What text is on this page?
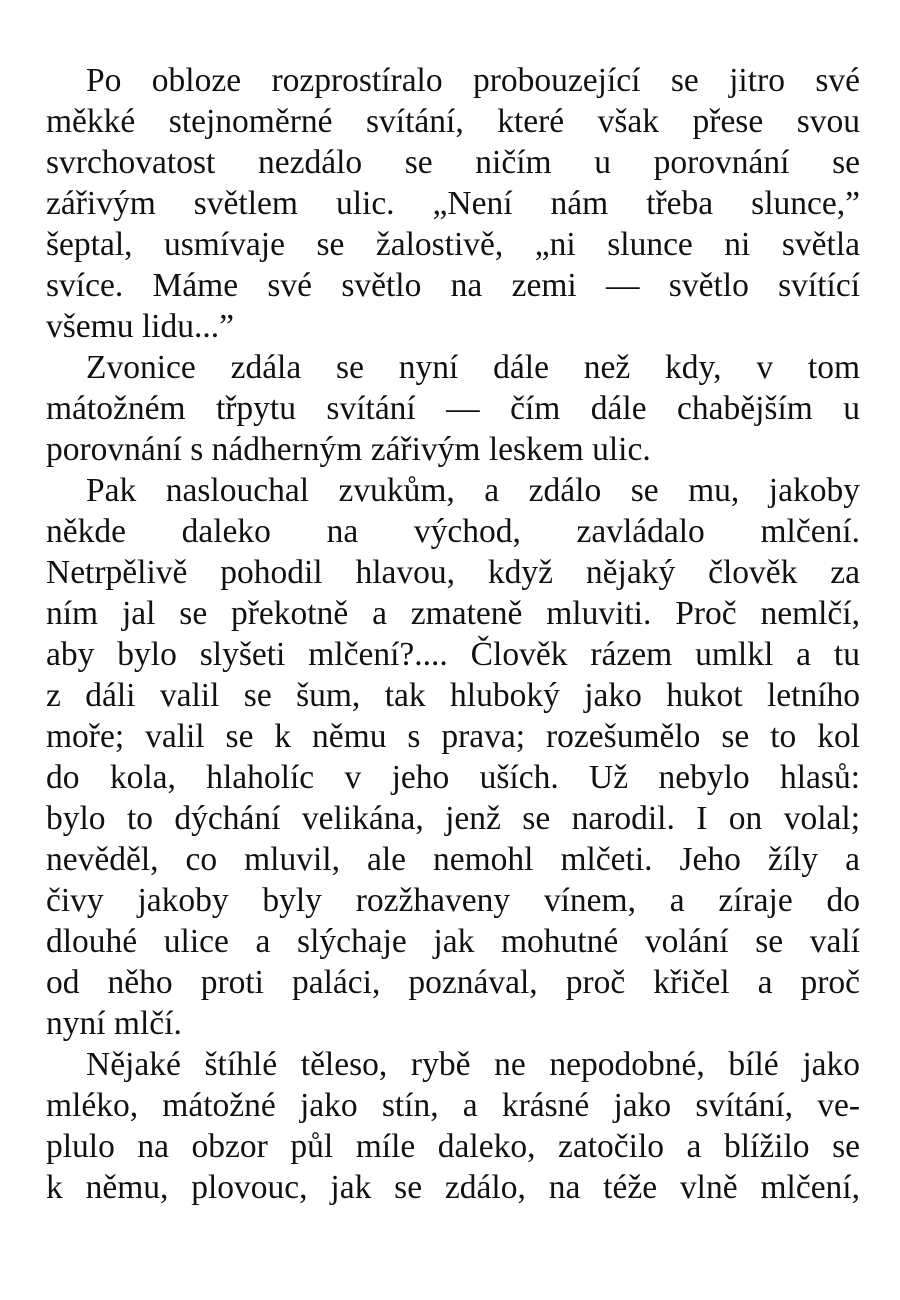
Po obloze rozprostíralo probouzející se jitro své
měkké stejnoměrné svítání, které však přese svou
svrchovatost nezdálo se ničím u porovnání se
zářivým světlem ulic. „Není nám třeba slunce,”
šeptal, usmívaje se žalostivě, „ni slunce ni světla
svíce. Máme své světlo na zemi — světlo svítící
všemu lidu...”
Zvonice zdála se nyní dále než kdy, v tom
mátožném třpytu svítání — čím dále chabějším u
porovnání s nádherným zářivým leskem ulic.
Pak naslouchal zvukům, a zdálo se mu, jakoby
někde daleko na východ, zavládalo mlčení.
Netrpělivě pohodil hlavou, když nějaký člověk za
ním jal se překotně a zmateně mluviti. Proč nemlčí,
aby bylo slyšeti mlčení?.... Člověk rázem umlkl a tu
z dáli valil se šum, tak hluboký jako hukot letního
moře; valil se k němu s prava; rozešumělo se to kol
do kola, hlaholíc v jeho uších. Už nebylo hlasů:
bylo to dýchání velikána, jenž se narodil. I on volal;
nevěděl, co mluvil, ale nemohl mlčeti. Jeho žíly a
čivy jakoby byly rozžhaveny vínem, a zíraje do
dlouhé ulice a slýchaje jak mohutné volání se valí
od něho proti paláci, poznával, proč křičel a proč
nyní mlčí.
Nějaké štíhlé těleso, rybě ne nepodobné, bílé jako
mléko, mátožné jako stín, a krásné jako svítání, ve-
plulo na obzor půl míle daleko, zatočilo a blížilo se
k němu, plovouc, jak se zdálo, na téže vlně mlčení,
